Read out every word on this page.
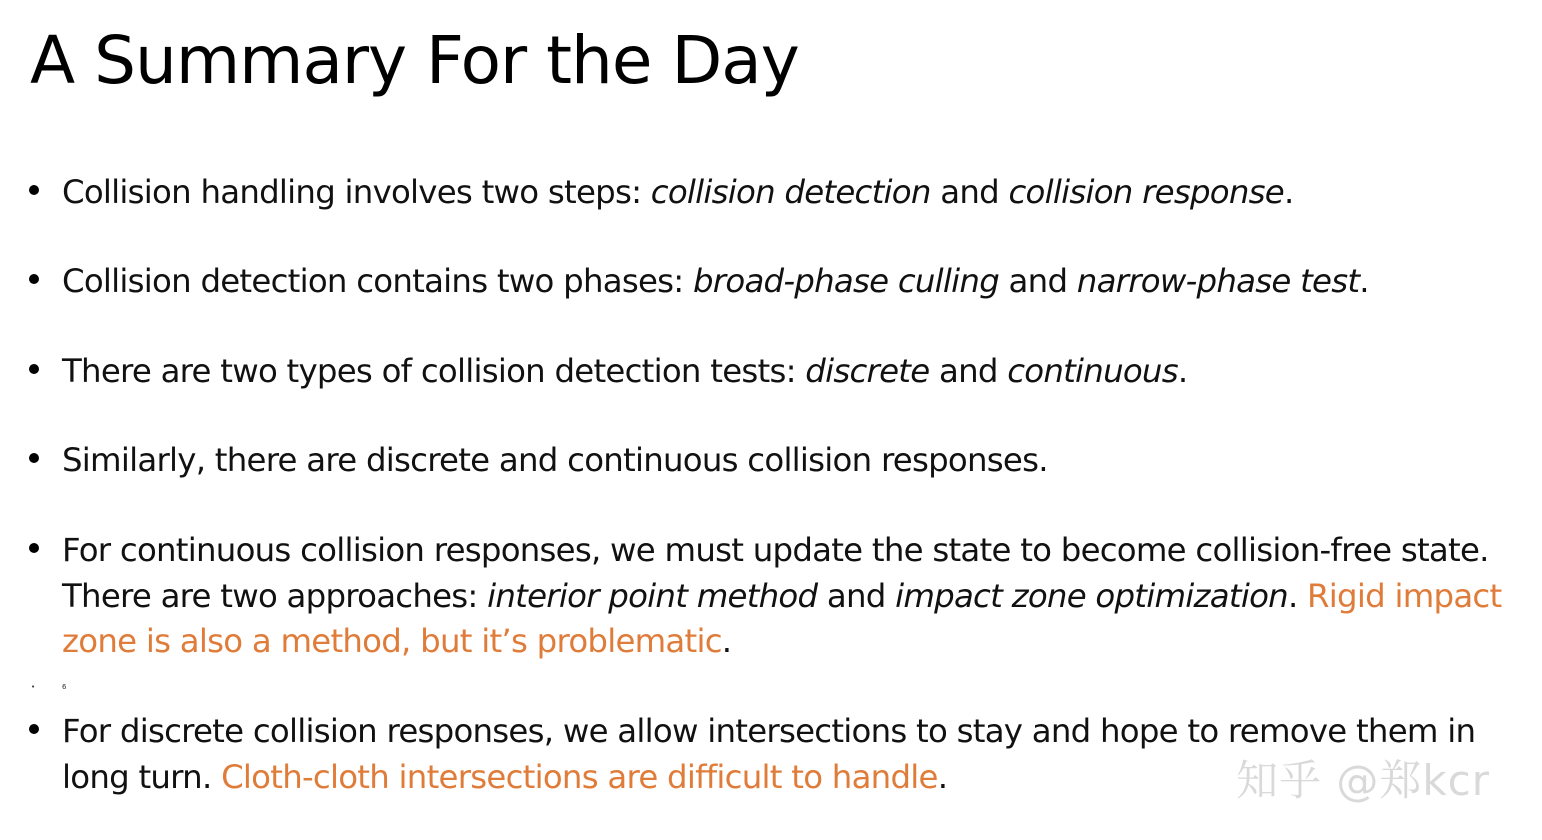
A Summary For the Day
Collision handling involves two steps: collision detection and collision response.
Collision detection contains two phases: broad-phase culling and narrow-phase test.
There are two types of collision detection tests: discrete and continuous.
Similarly, there are discrete and continuous collision responses.
For continuous collision responses, we must update the state to become collision-free state. There are two approaches: interior point method and impact zone optimization. Rigid impact zone is also a method, but it’s problematic.
For discrete collision responses, we allow intersections to stay and hope to remove them in long turn. Cloth-cloth intersections are difficult to handle.
•	6
知乎 @郑kcr
